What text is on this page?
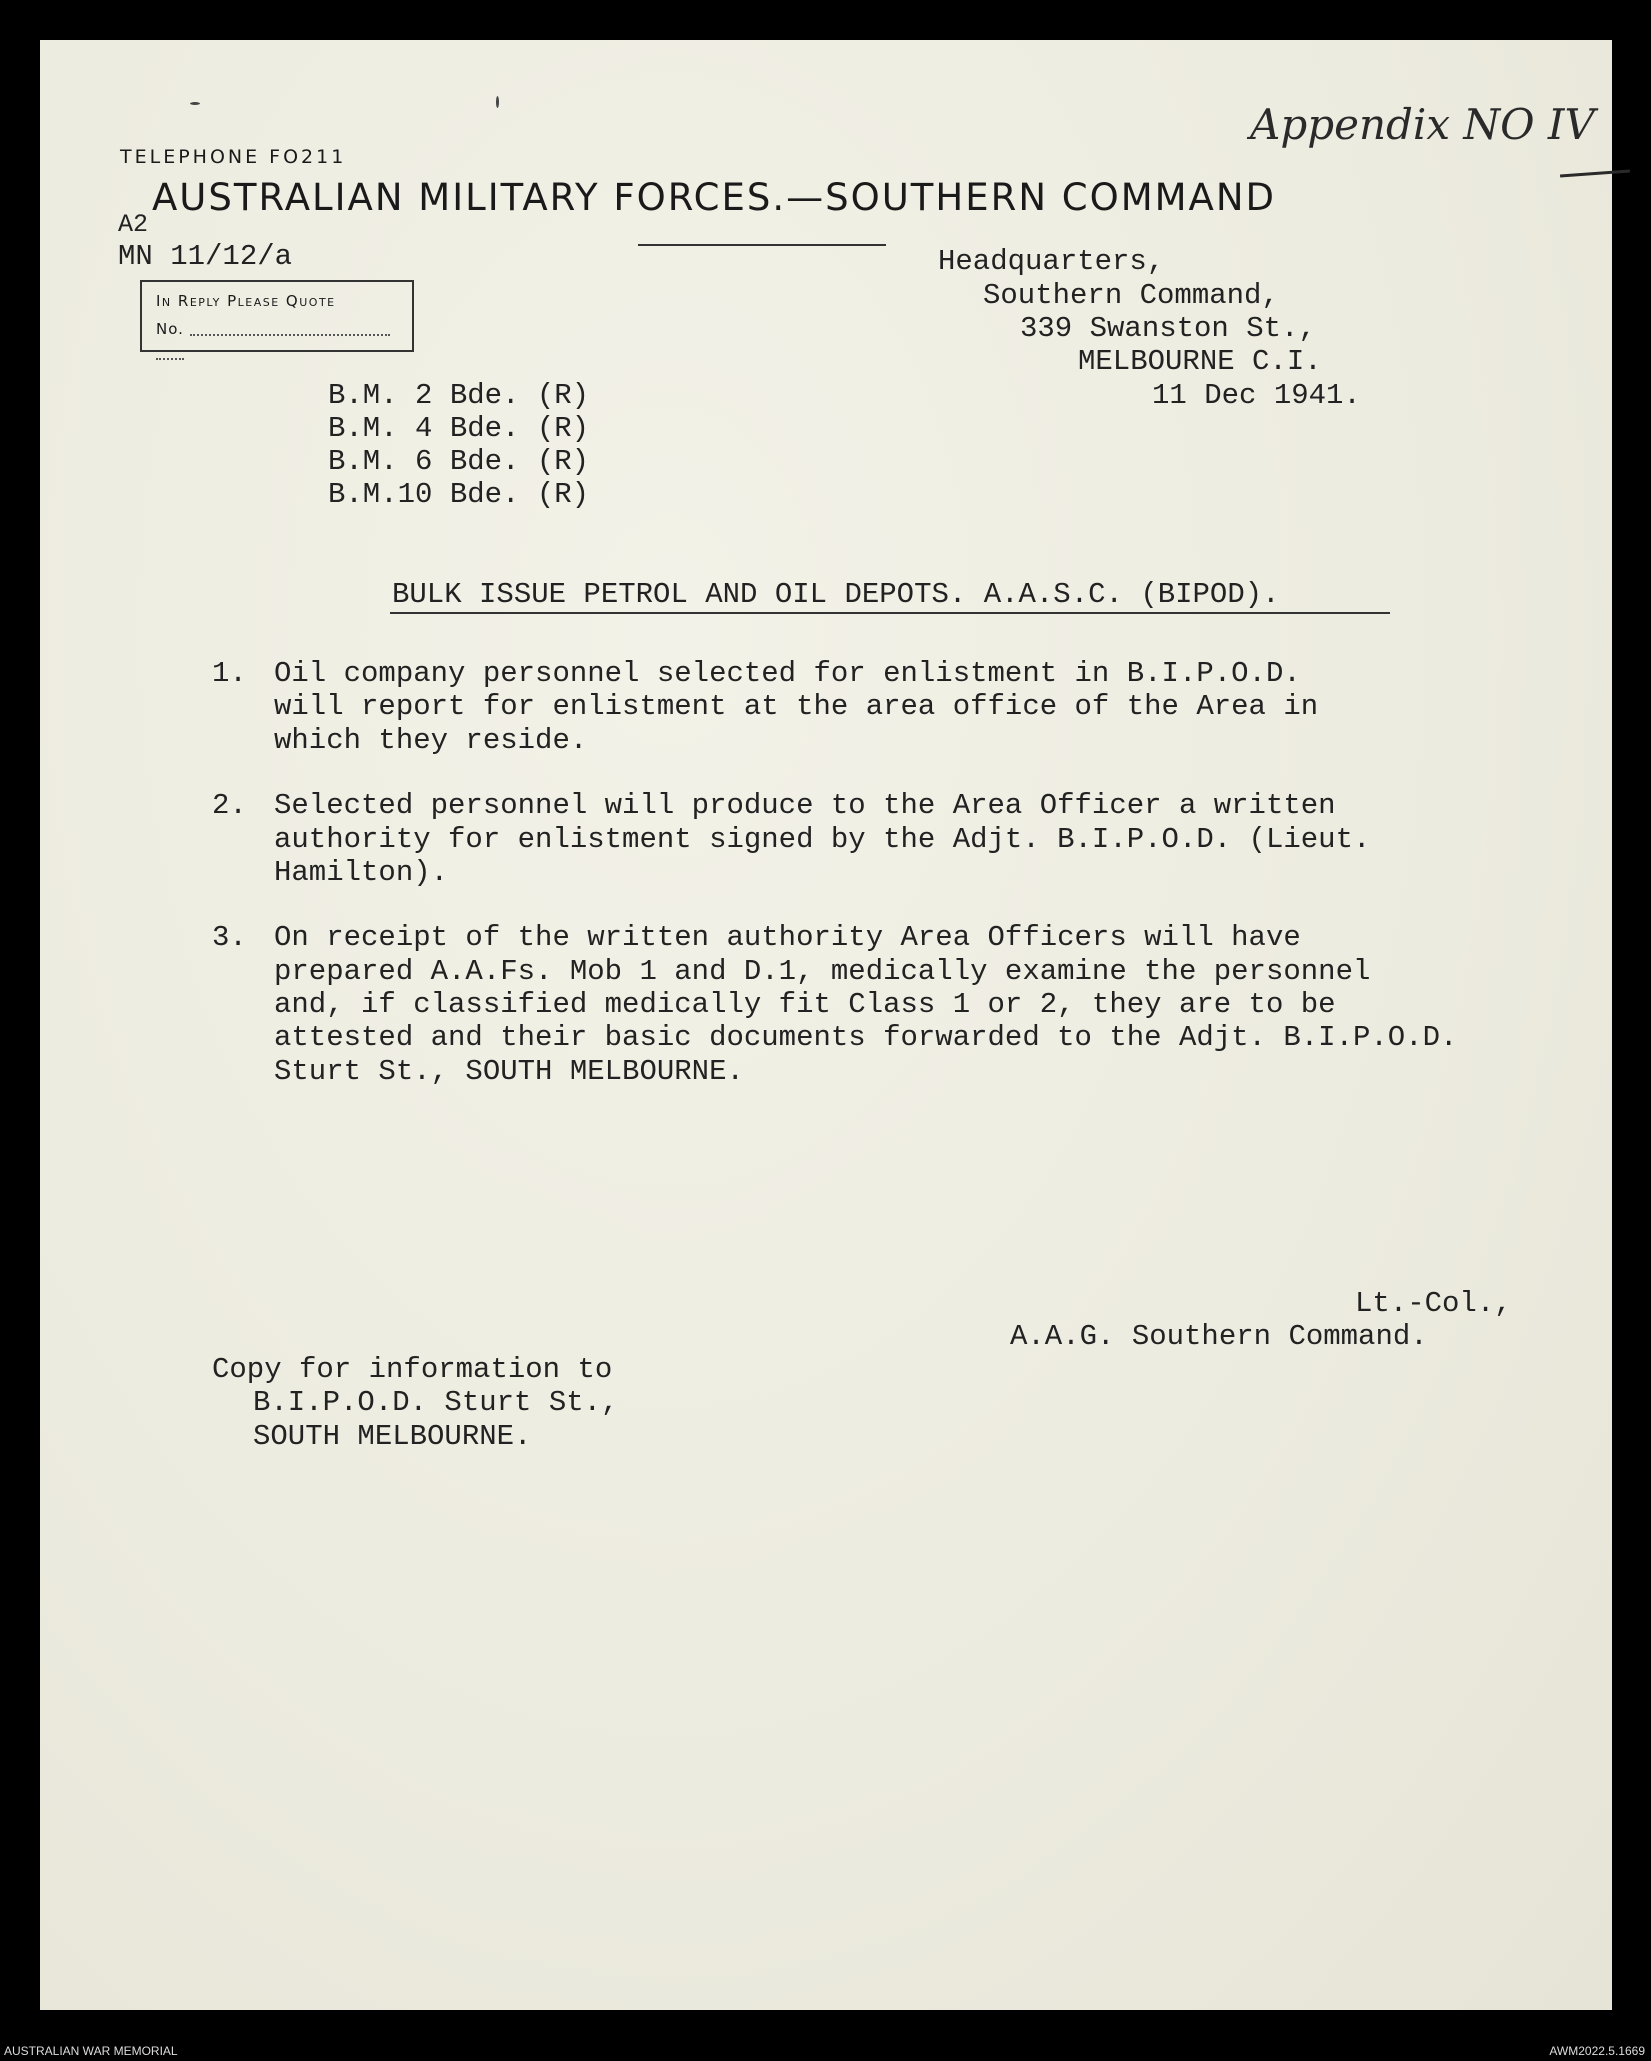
Appendix NO IV
TELEPHONE FO211
AUSTRALIAN MILITARY FORCES.—SOUTHERN COMMAND
A2
MN 11/12/a
In Reply Please Quote
No.
Headquarters,
Southern Command,
339 Swanston St.,
MELBOURNE C.I.
11 Dec 1941.
B.M. 2 Bde. (R)
B.M. 4 Bde. (R)
B.M. 6 Bde. (R)
B.M.10 Bde. (R)
BULK ISSUE PETROL AND OIL DEPOTS. A.A.S.C. (BIPOD).
1. Oil company personnel selected for enlistment in B.I.P.O.D.
will report for enlistment at the area office of the Area in
which they reside.
2. Selected personnel will produce to the Area Officer a written
authority for enlistment signed by the Adjt. B.I.P.O.D. (Lieut.
Hamilton).
3. On receipt of the written authority Area Officers will have
prepared A.A.Fs. Mob 1 and D.1, medically examine the personnel
and, if classified medically fit Class 1 or 2, they are to be
attested and their basic documents forwarded to the Adjt. B.I.P.O.D.
Sturt St., SOUTH MELBOURNE.
Lt.-Col.,
A.A.G. Southern Command.
Copy for information to
B.I.P.O.D. Sturt St.,
SOUTH MELBOURNE.
AUSTRALIAN WAR MEMORIAL	AWM2022.5.1669
